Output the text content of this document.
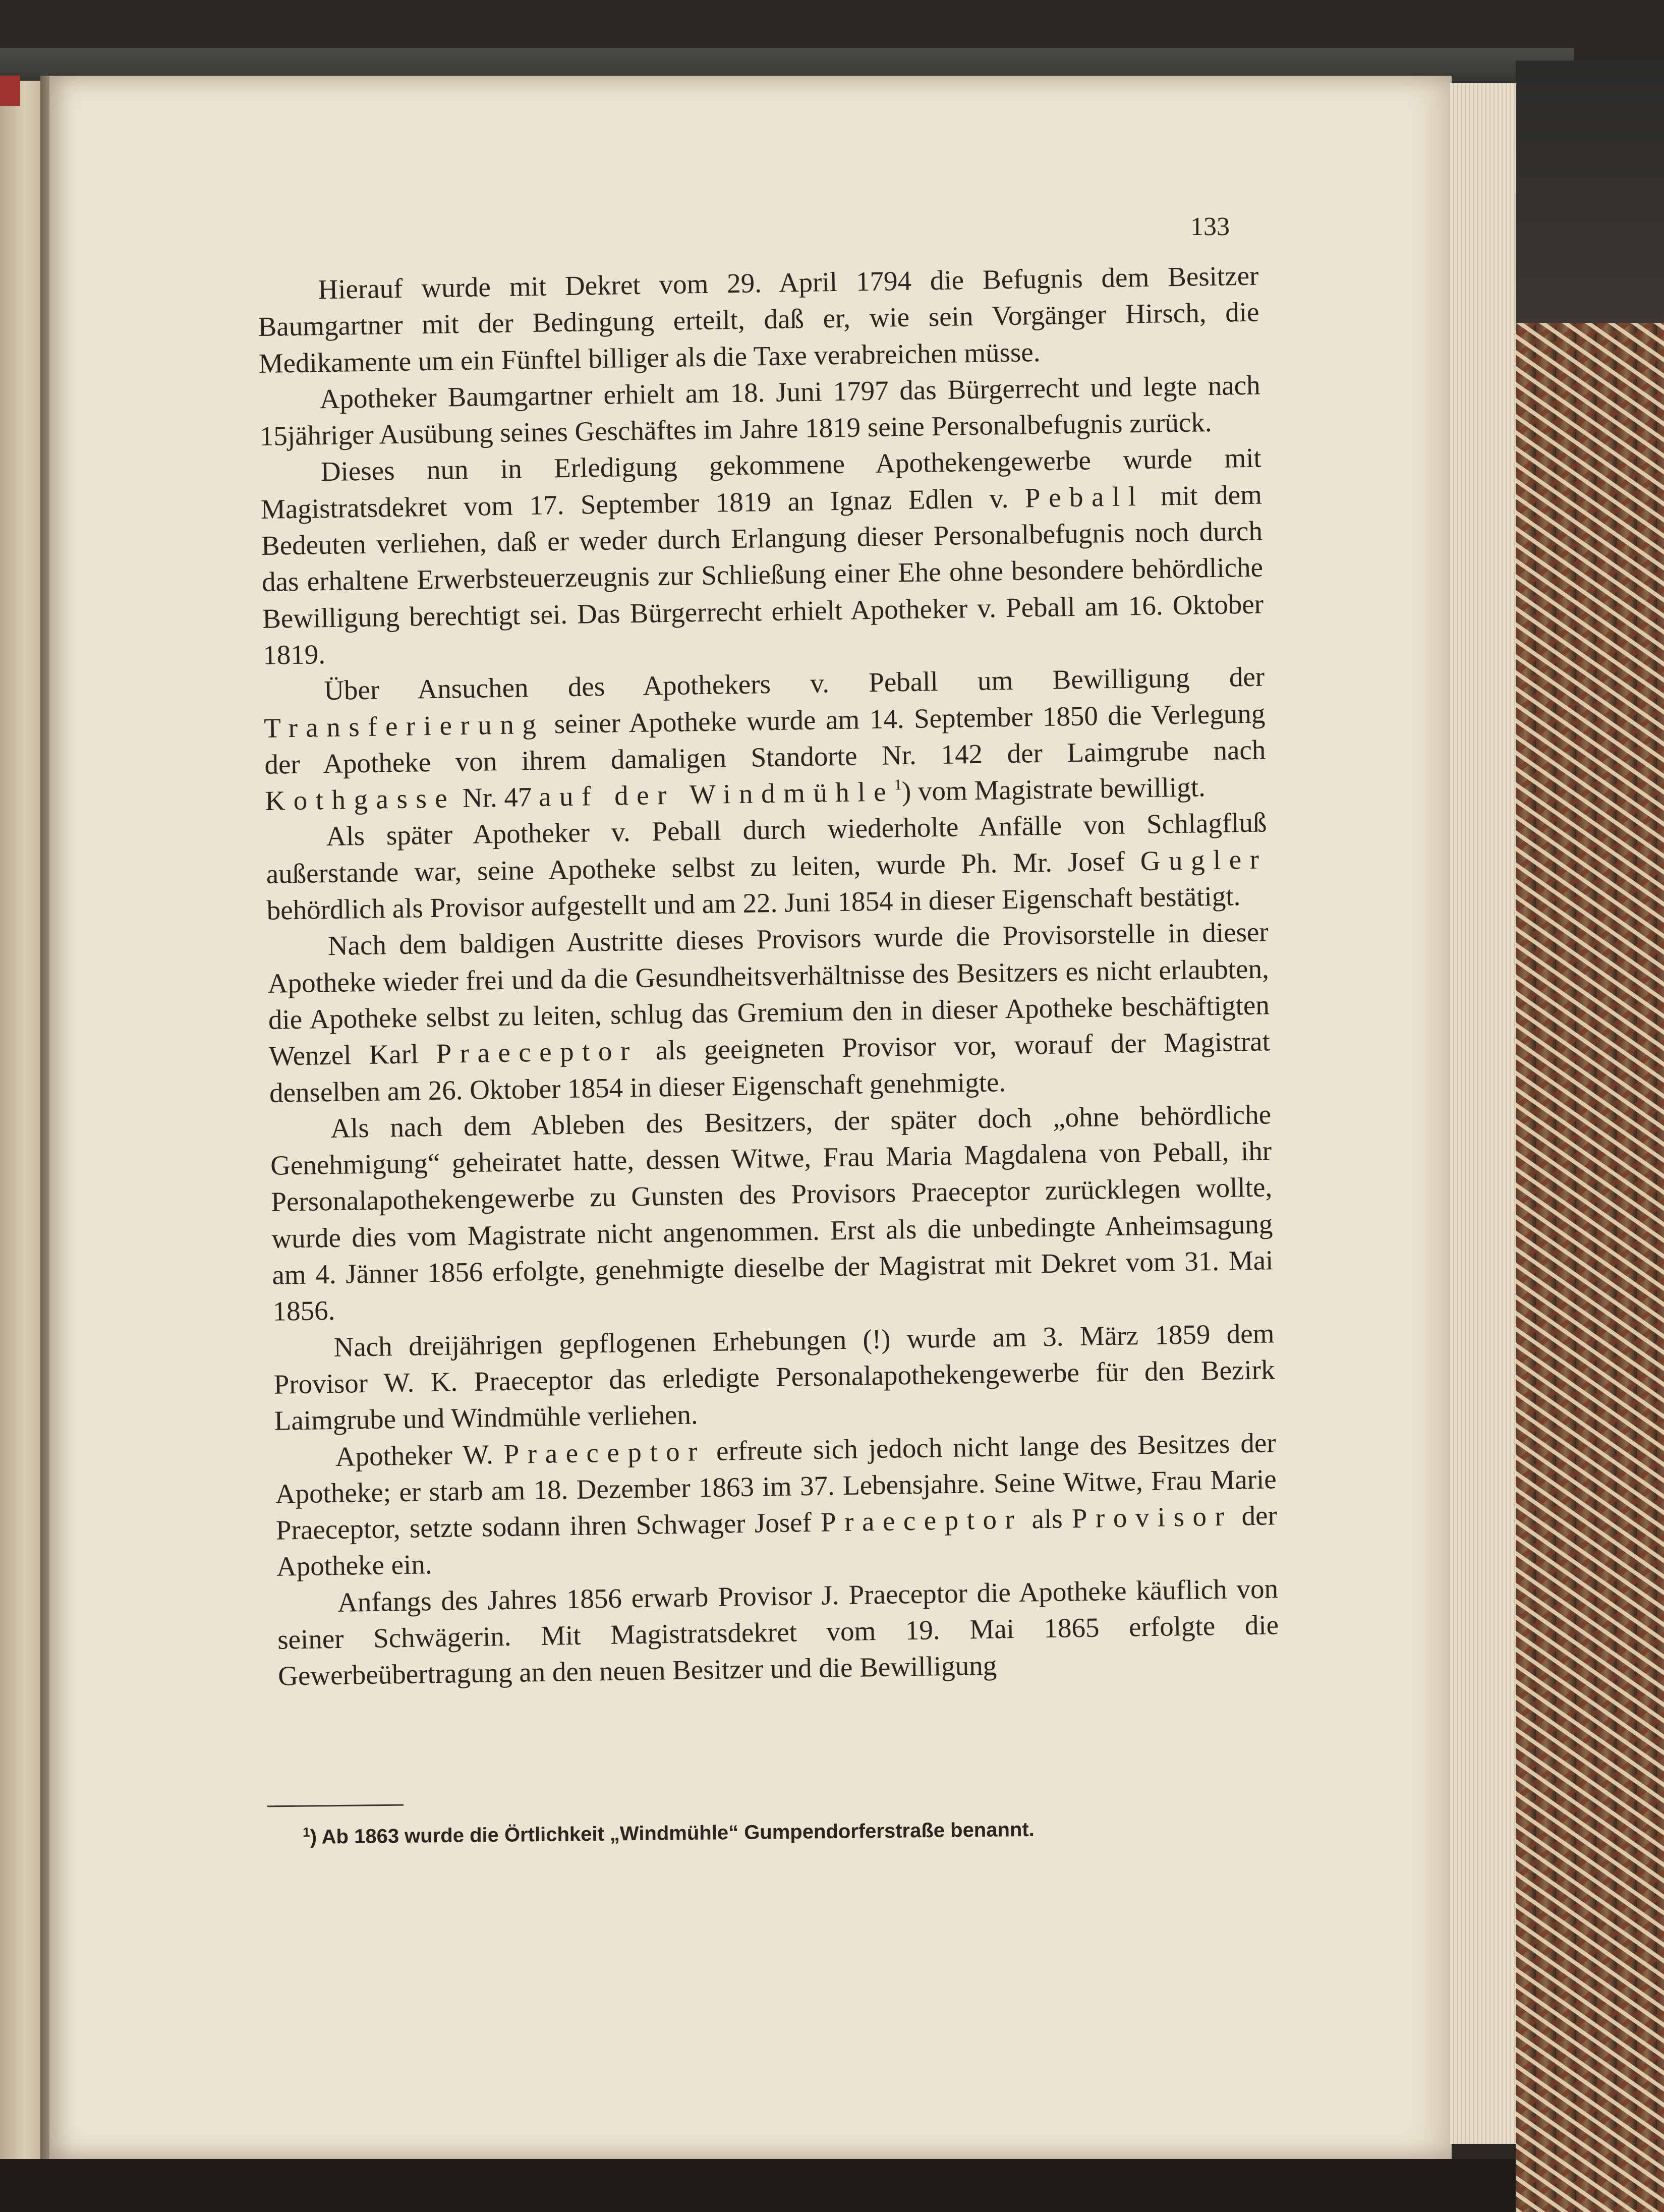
133

Hierauf wurde mit Dekret vom 29. April 1794 die Befugnis dem Besitzer Baumgartner mit der Bedingung erteilt, daß er, wie sein Vorgänger Hirsch, die Medikamente um ein Fünftel billiger als die Taxe verabreichen müsse.

Apotheker Baumgartner erhielt am 18. Juni 1797 das Bürgerrecht und legte nach 15jähriger Ausübung seines Geschäftes im Jahre 1819 seine Personalbefugnis zurück.

Dieses nun in Erledigung gekommene Apothekengewerbe wurde mit Magistratsdekret vom 17. September 1819 an Ignaz Edlen v. Peball mit dem Bedeuten verliehen, daß er weder durch Erlangung dieser Personalbefugnis noch durch das erhaltene Erwerbsteuerzeugnis zur Schließung einer Ehe ohne besondere behördliche Bewilligung berechtigt sei. Das Bürgerrecht erhielt Apotheker v. Peball am 16. Oktober 1819.

Über Ansuchen des Apothekers v. Peball um Bewilligung der Transferierung seiner Apotheke wurde am 14. September 1850 die Verlegung der Apotheke von ihrem damaligen Standorte Nr. 142 der Laimgrube nach Kothgasse Nr. 47 auf der Windmühle$^1$) vom Magistrate bewilligt.

Als später Apotheker v. Peball durch wiederholte Anfälle von Schlagfluß außerstande war, seine Apotheke selbst zu leiten, wurde Ph. Mr. Josef Gugler behördlich als Provisor aufgestellt und am 22. Juni 1854 in dieser Eigenschaft bestätigt.

Nach dem baldigen Austritte dieses Provisors wurde die Provisorstelle in dieser Apotheke wieder frei und da die Gesundheitsverhältnisse des Besitzers es nicht erlaubten, die Apotheke selbst zu leiten, schlug das Gremium den in dieser Apotheke beschäftigten Wenzel Karl Praeceptor als geeigneten Provisor vor, worauf der Magistrat denselben am 26. Oktober 1854 in dieser Eigenschaft genehmigte.

Als nach dem Ableben des Besitzers, der später doch „ohne behördliche Genehmigung“ geheiratet hatte, dessen Witwe, Frau Maria Magdalena von Peball, ihr Personalapothekengewerbe zu Gunsten des Provisors Praeceptor zurücklegen wollte, wurde dies vom Magistrate nicht angenommen. Erst als die unbedingte Anheimsagung am 4. Jänner 1856 erfolgte, genehmigte dieselbe der Magistrat mit Dekret vom 31. Mai 1856.

Nach dreijährigen gepflogenen Erhebungen (!) wurde am 3. März 1859 dem Provisor W. K. Praeceptor das erledigte Personalapothekengewerbe für den Bezirk Laimgrube und Windmühle verliehen.

Apotheker W. Praeceptor erfreute sich jedoch nicht lange des Besitzes der Apotheke; er starb am 18. Dezember 1863 im 37. Lebensjahre. Seine Witwe, Frau Marie Praeceptor, setzte sodann ihren Schwager Josef Praeceptor als Provisor der Apotheke ein.

Anfangs des Jahres 1856 erwarb Provisor J. Praeceptor die Apotheke käuflich von seiner Schwägerin. Mit Magistratsdekret vom 19. Mai 1865 erfolgte die Gewerbeübertragung an den neuen Besitzer und die Bewilligung

$^1$) Ab 1863 wurde die Örtlichkeit „Windmühle“ Gumpendorferstraße benannt.
